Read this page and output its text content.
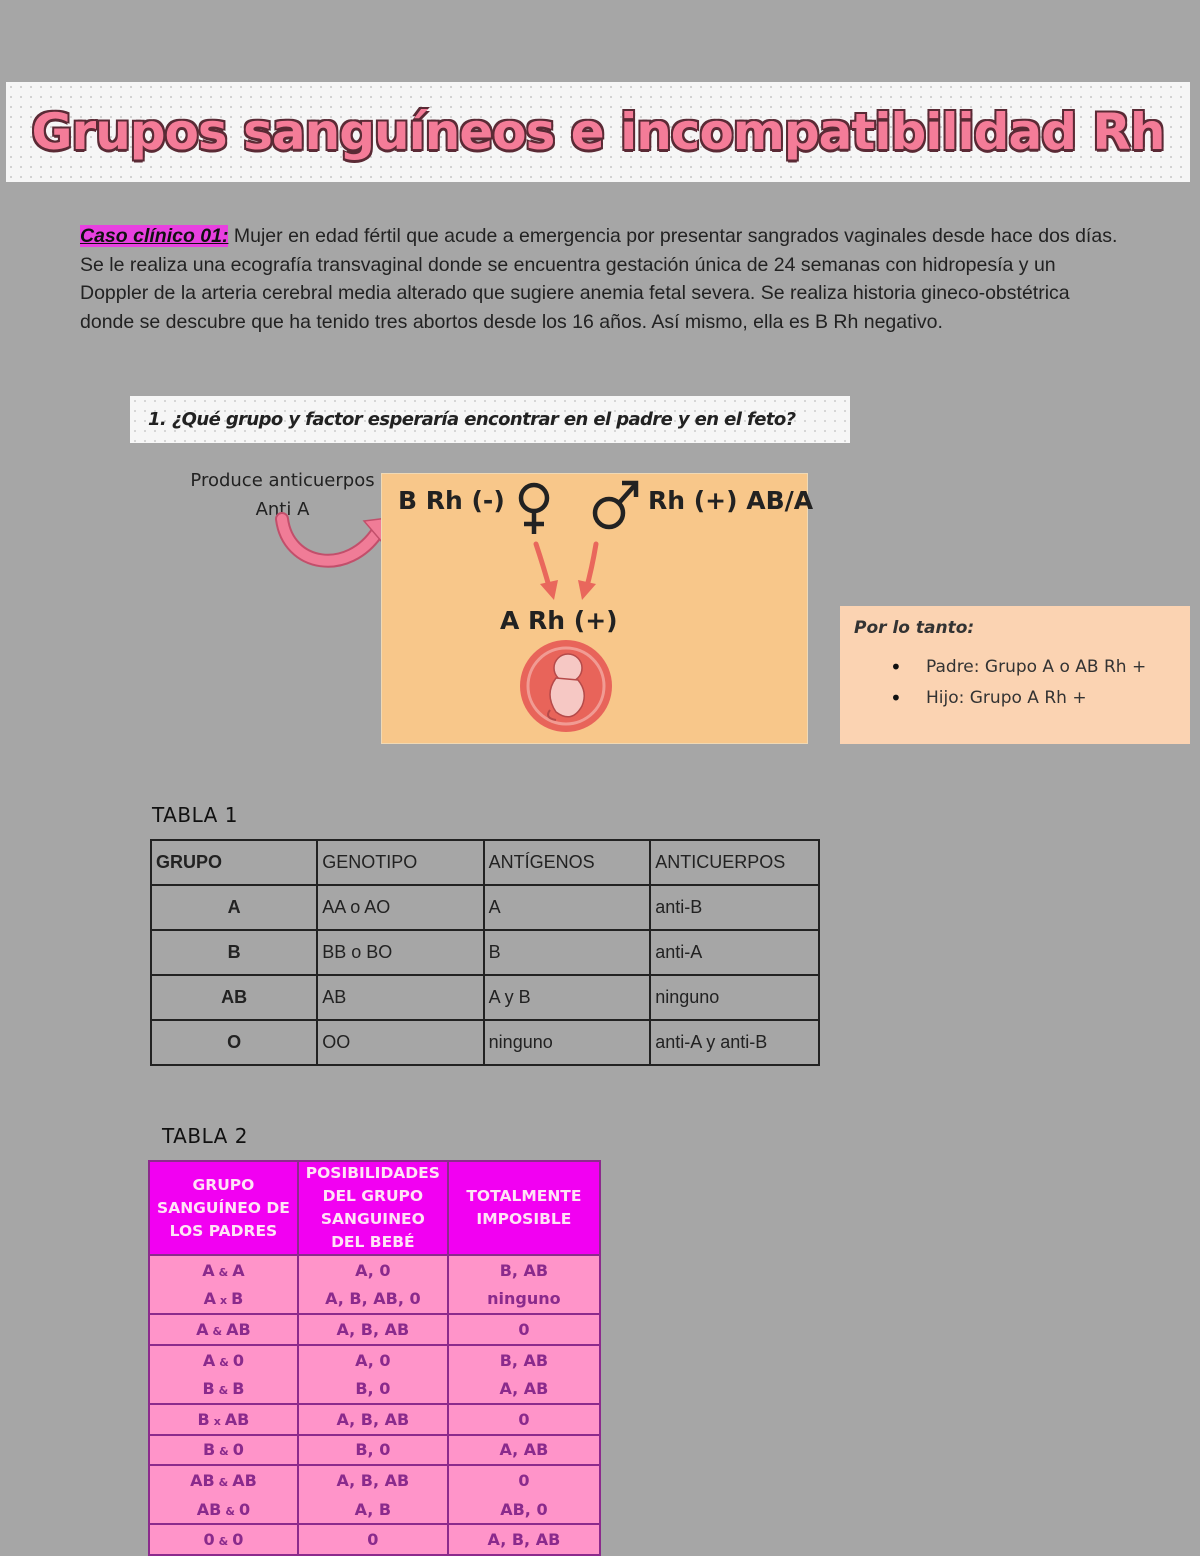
Grupos sanguíneos e incompatibilidad Rh
Caso clínico 01: Mujer en edad fértil que acude a emergencia por presentar sangrados vaginales desde hace dos días. Se le realiza una ecografía transvaginal donde se encuentra gestación única de 24 semanas con hidropesía y un Doppler de la arteria cerebral media alterado que sugiere anemia fetal severa. Se realiza historia gineco-obstétrica donde se descubre que ha tenido tres abortos desde los 16 años. Así mismo, ella es B Rh negativo.
1. ¿Qué grupo y factor esperaría encontrar en el padre y en el feto?
Produce anticuerpos
Anti A	B Rh (-)	Rh (+) AB/A
A Rh (+)	Por lo tanto:
• Padre: Grupo A o AB Rh +
• Hijo: Grupo A Rh +
TABLA 1
GRUPO	GENOTIPO	ANTÍGENOS	ANTICUERPOS
A	AA o AO	A	anti-B
B	BB o BO	B	anti-A
AB	AB	A y B	ninguno
O	OO	ninguno	anti-A y anti-B
TABLA 2
GRUPO SANGUÍNEO DE LOS PADRES	POSIBILIDADES DEL GRUPO SANGUINEO DEL BEBÉ	TOTALMENTE IMPOSIBLE
A & A	A, 0	B, AB
A x B	A, B, AB, 0	ninguno
A & AB	A, B, AB	0
A & 0	A, 0	B, AB
B & B	B, 0	A, AB
B x AB	A, B, AB	0
B & 0	B, 0	A, AB
AB & AB	A, B, AB	0
AB & 0	A, B	AB, 0
0 & 0	0	A, B, AB
